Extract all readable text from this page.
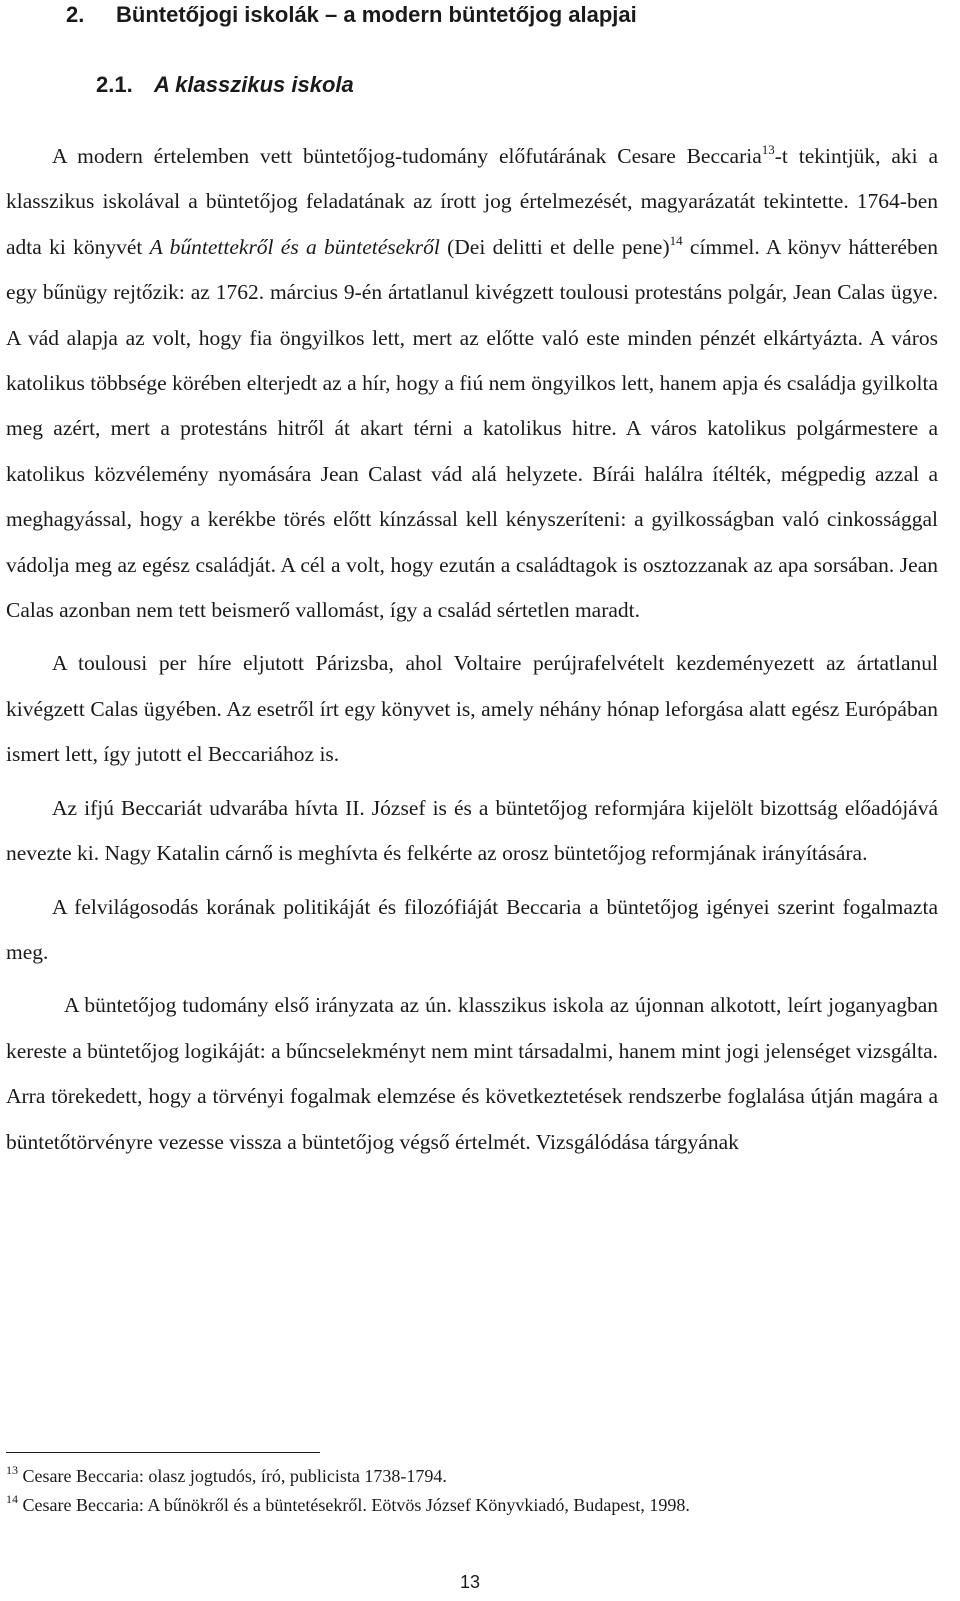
2. Büntetőjogi iskolák – a modern büntetőjog alapjai
2.1. A klasszikus iskola

A modern értelemben vett büntetőjog-tudomány előfutárának Cesare Beccaria$^{13}$-t tekintjük, aki a klasszikus iskolával a büntetőjog feladatának az írott jog értelmezését, magyarázatát tekintette. 1764-ben adta ki könyvét A bűntettekről és a büntetésekről (Dei delitti et delle pene)$^{14}$ címmel. A könyv hátterében egy bűnügy rejtőzik: az 1762. március 9-én ártatlanul kivégzett toulousi protestáns polgár, Jean Calas ügye. A vád alapja az volt, hogy fia öngyilkos lett, mert az előtte való este minden pénzét elkártyázta. A város katolikus többsége körében elterjedt az a hír, hogy a fiú nem öngyilkos lett, hanem apja és családja gyilkolta meg azért, mert a protestáns hitről át akart térni a katolikus hitre. A város katolikus polgármestere a katolikus közvélemény nyomására Jean Calast vád alá helyzete. Bírái halálra ítélték, mégpedig azzal a meghagyással, hogy a kerékbe törés előtt kínzással kell kényszeríteni: a gyilkosságban való cinkossággal vádolja meg az egész családját. A cél a volt, hogy ezután a családtagok is osztozzanak az apa sorsában. Jean Calas azonban nem tett beismerő vallomást, így a család sértetlen maradt.

A toulousi per híre eljutott Párizsba, ahol Voltaire perújrafelvételt kezdeményezett az ártatlanul kivégzett Calas ügyében. Az esetről írt egy könyvet is, amely néhány hónap leforgása alatt egész Európában ismert lett, így jutott el Beccariához is.

Az ifjú Beccariát udvarába hívta II. József is és a büntetőjog reformjára kijelölt bizottság előadójává nevezte ki. Nagy Katalin cárnő is meghívta és felkérte az orosz büntetőjog reformjának irányítására.

A felvilágosodás korának politikáját és filozófiáját Beccaria a büntetőjog igényei szerint fogalmazta meg.

A büntetőjog tudomány első irányzata az ún. klasszikus iskola az újonnan alkotott, leírt joganyagban kereste a büntetőjog logikáját: a bűncselekményt nem mint társadalmi, hanem mint jogi jelenséget vizsgálta. Arra törekedett, hogy a törvényi fogalmak elemzése és következtetések rendszerbe foglalása útján magára a büntetőtörvényre vezesse vissza a büntetőjog végső értelmét. Vizsgálódása tárgyának

$^{13}$ Cesare Beccaria: olasz jogtudós, író, publicista 1738-1794.
$^{14}$ Cesare Beccaria: A bűnökről és a büntetésekről. Eötvös József Könyvkiadó, Budapest, 1998.
13
